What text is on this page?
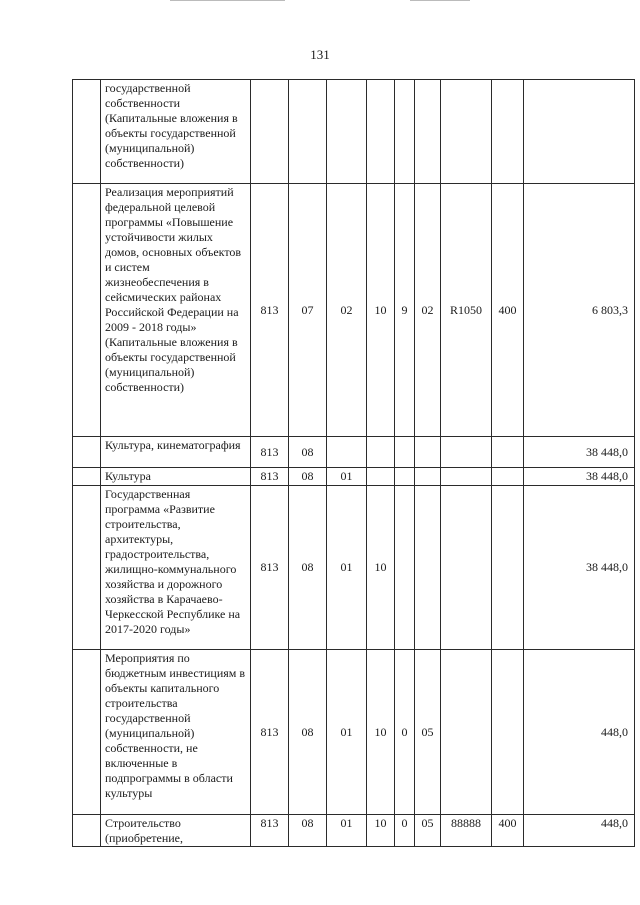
131
	государственной собственности (Капитальные вложения в объекты государственной (муниципальной) собственности)									
	Реализация мероприятий федеральной целевой программы «Повышение устойчивости жилых домов, основных объектов и систем жизнеобеспечения в сейсмических районах Российской Федерации на 2009 - 2018 годы» (Капитальные вложения в объекты государственной (муниципальной) собственности)	813	07	02	10	9	02	R1050	400	6 803,3
	Культура, кинематография	813	08							38 448,0
	Культура	813	08	01						38 448,0
	Государственная программа «Развитие строительства, архитектуры, градостроительства, жилищно-коммунального хозяйства и дорожного хозяйства в Карачаево-Черкесской Республике на 2017-2020 годы»	813	08	01	10					38 448,0
	Мероприятия по бюджетным инвестициям в объекты капитального строительства государственной (муниципальной) собственности, не включенные в подпрограммы в области культуры	813	08	01	10	0	05			448,0
	Строительство (приобретение,	813	08	01	10	0	05	88888	400	448,0
